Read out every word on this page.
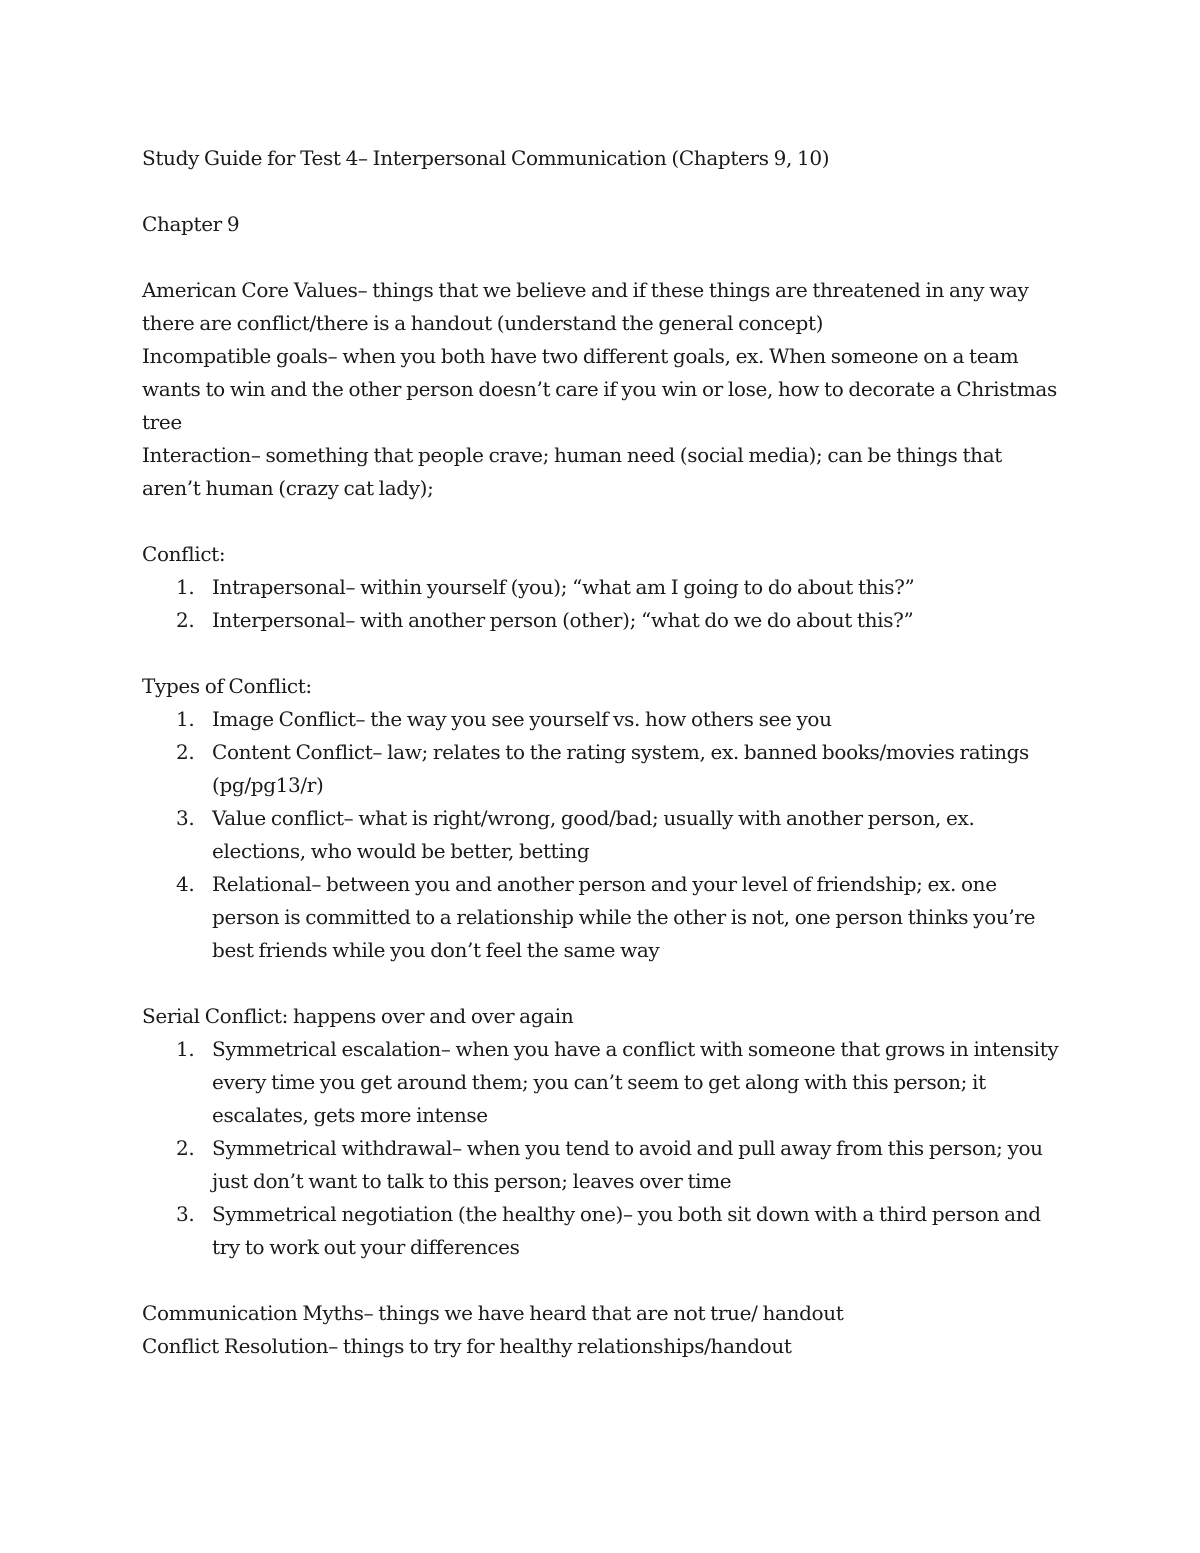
Study Guide for Test 4– Interpersonal Communication (Chapters 9, 10)

Chapter 9

American Core Values– things that we believe and if these things are threatened in any way there are conflict/there is a handout (understand the general concept)

Incompatible goals– when you both have two different goals, ex. When someone on a team wants to win and the other person doesn’t care if you win or lose, how to decorate a Christmas tree

Interaction– something that people crave; human need (social media); can be things that aren’t human (crazy cat lady);

Conflict:

1. Intrapersonal– within yourself (you); “what am I going to do about this?”
2. Interpersonal– with another person (other); “what do we do about this?”

Types of Conflict:

1. Image Conflict– the way you see yourself vs. how others see you
2. Content Conflict– law; relates to the rating system, ex. banned books/movies ratings (pg/pg13/r)
3. Value conflict– what is right/wrong, good/bad; usually with another person, ex. elections, who would be better, betting
4. Relational– between you and another person and your level of friendship; ex. one person is committed to a relationship while the other is not, one person thinks you’re best friends while you don’t feel the same way

Serial Conflict: happens over and over again

1. Symmetrical escalation– when you have a conflict with someone that grows in intensity every time you get around them; you can’t seem to get along with this person; it escalates, gets more intense
2. Symmetrical withdrawal– when you tend to avoid and pull away from this person; you just don’t want to talk to this person; leaves over time
3. Symmetrical negotiation (the healthy one)– you both sit down with a third person and try to work out your differences

Communication Myths– things we have heard that are not true/ handout

Conflict Resolution– things to try for healthy relationships/handout
